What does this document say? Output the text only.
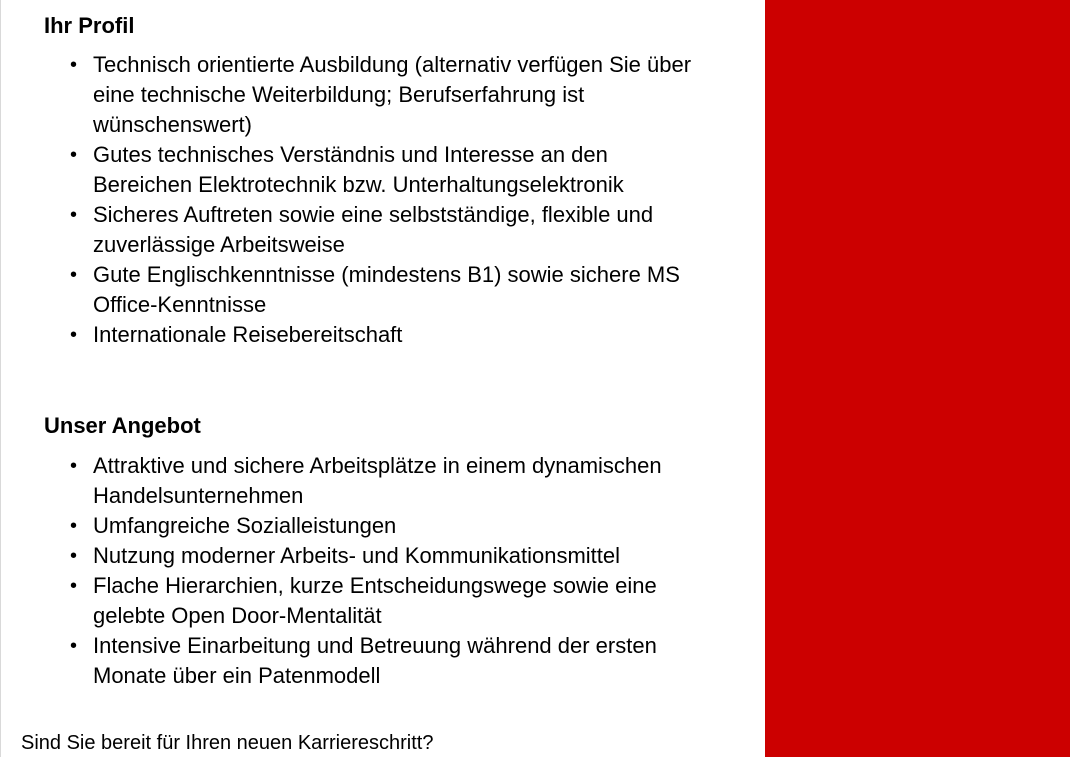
Ihr Profil
• Technisch orientierte Ausbildung (alternativ verfügen Sie über eine technische Weiterbildung; Berufserfahrung ist wünschenswert)
• Gutes technisches Verständnis und Interesse an den Bereichen Elektrotechnik bzw. Unterhaltungselektronik
• Sicheres Auftreten sowie eine selbstständige, flexible und zuverlässige Arbeitsweise
• Gute Englischkenntnisse (mindestens B1) sowie sichere MS Office-Kenntnisse
• Internationale Reisebereitschaft
Unser Angebot
• Attraktive und sichere Arbeitsplätze in einem dynamischen Handelsunternehmen
• Umfangreiche Sozialleistungen
• Nutzung moderner Arbeits- und Kommunikationsmittel
• Flache Hierarchien, kurze Entscheidungswege sowie eine gelebte Open Door-Mentalität
• Intensive Einarbeitung und Betreuung während der ersten Monate über ein Patenmodell
Sind Sie bereit für Ihren neuen Karriereschritt?
